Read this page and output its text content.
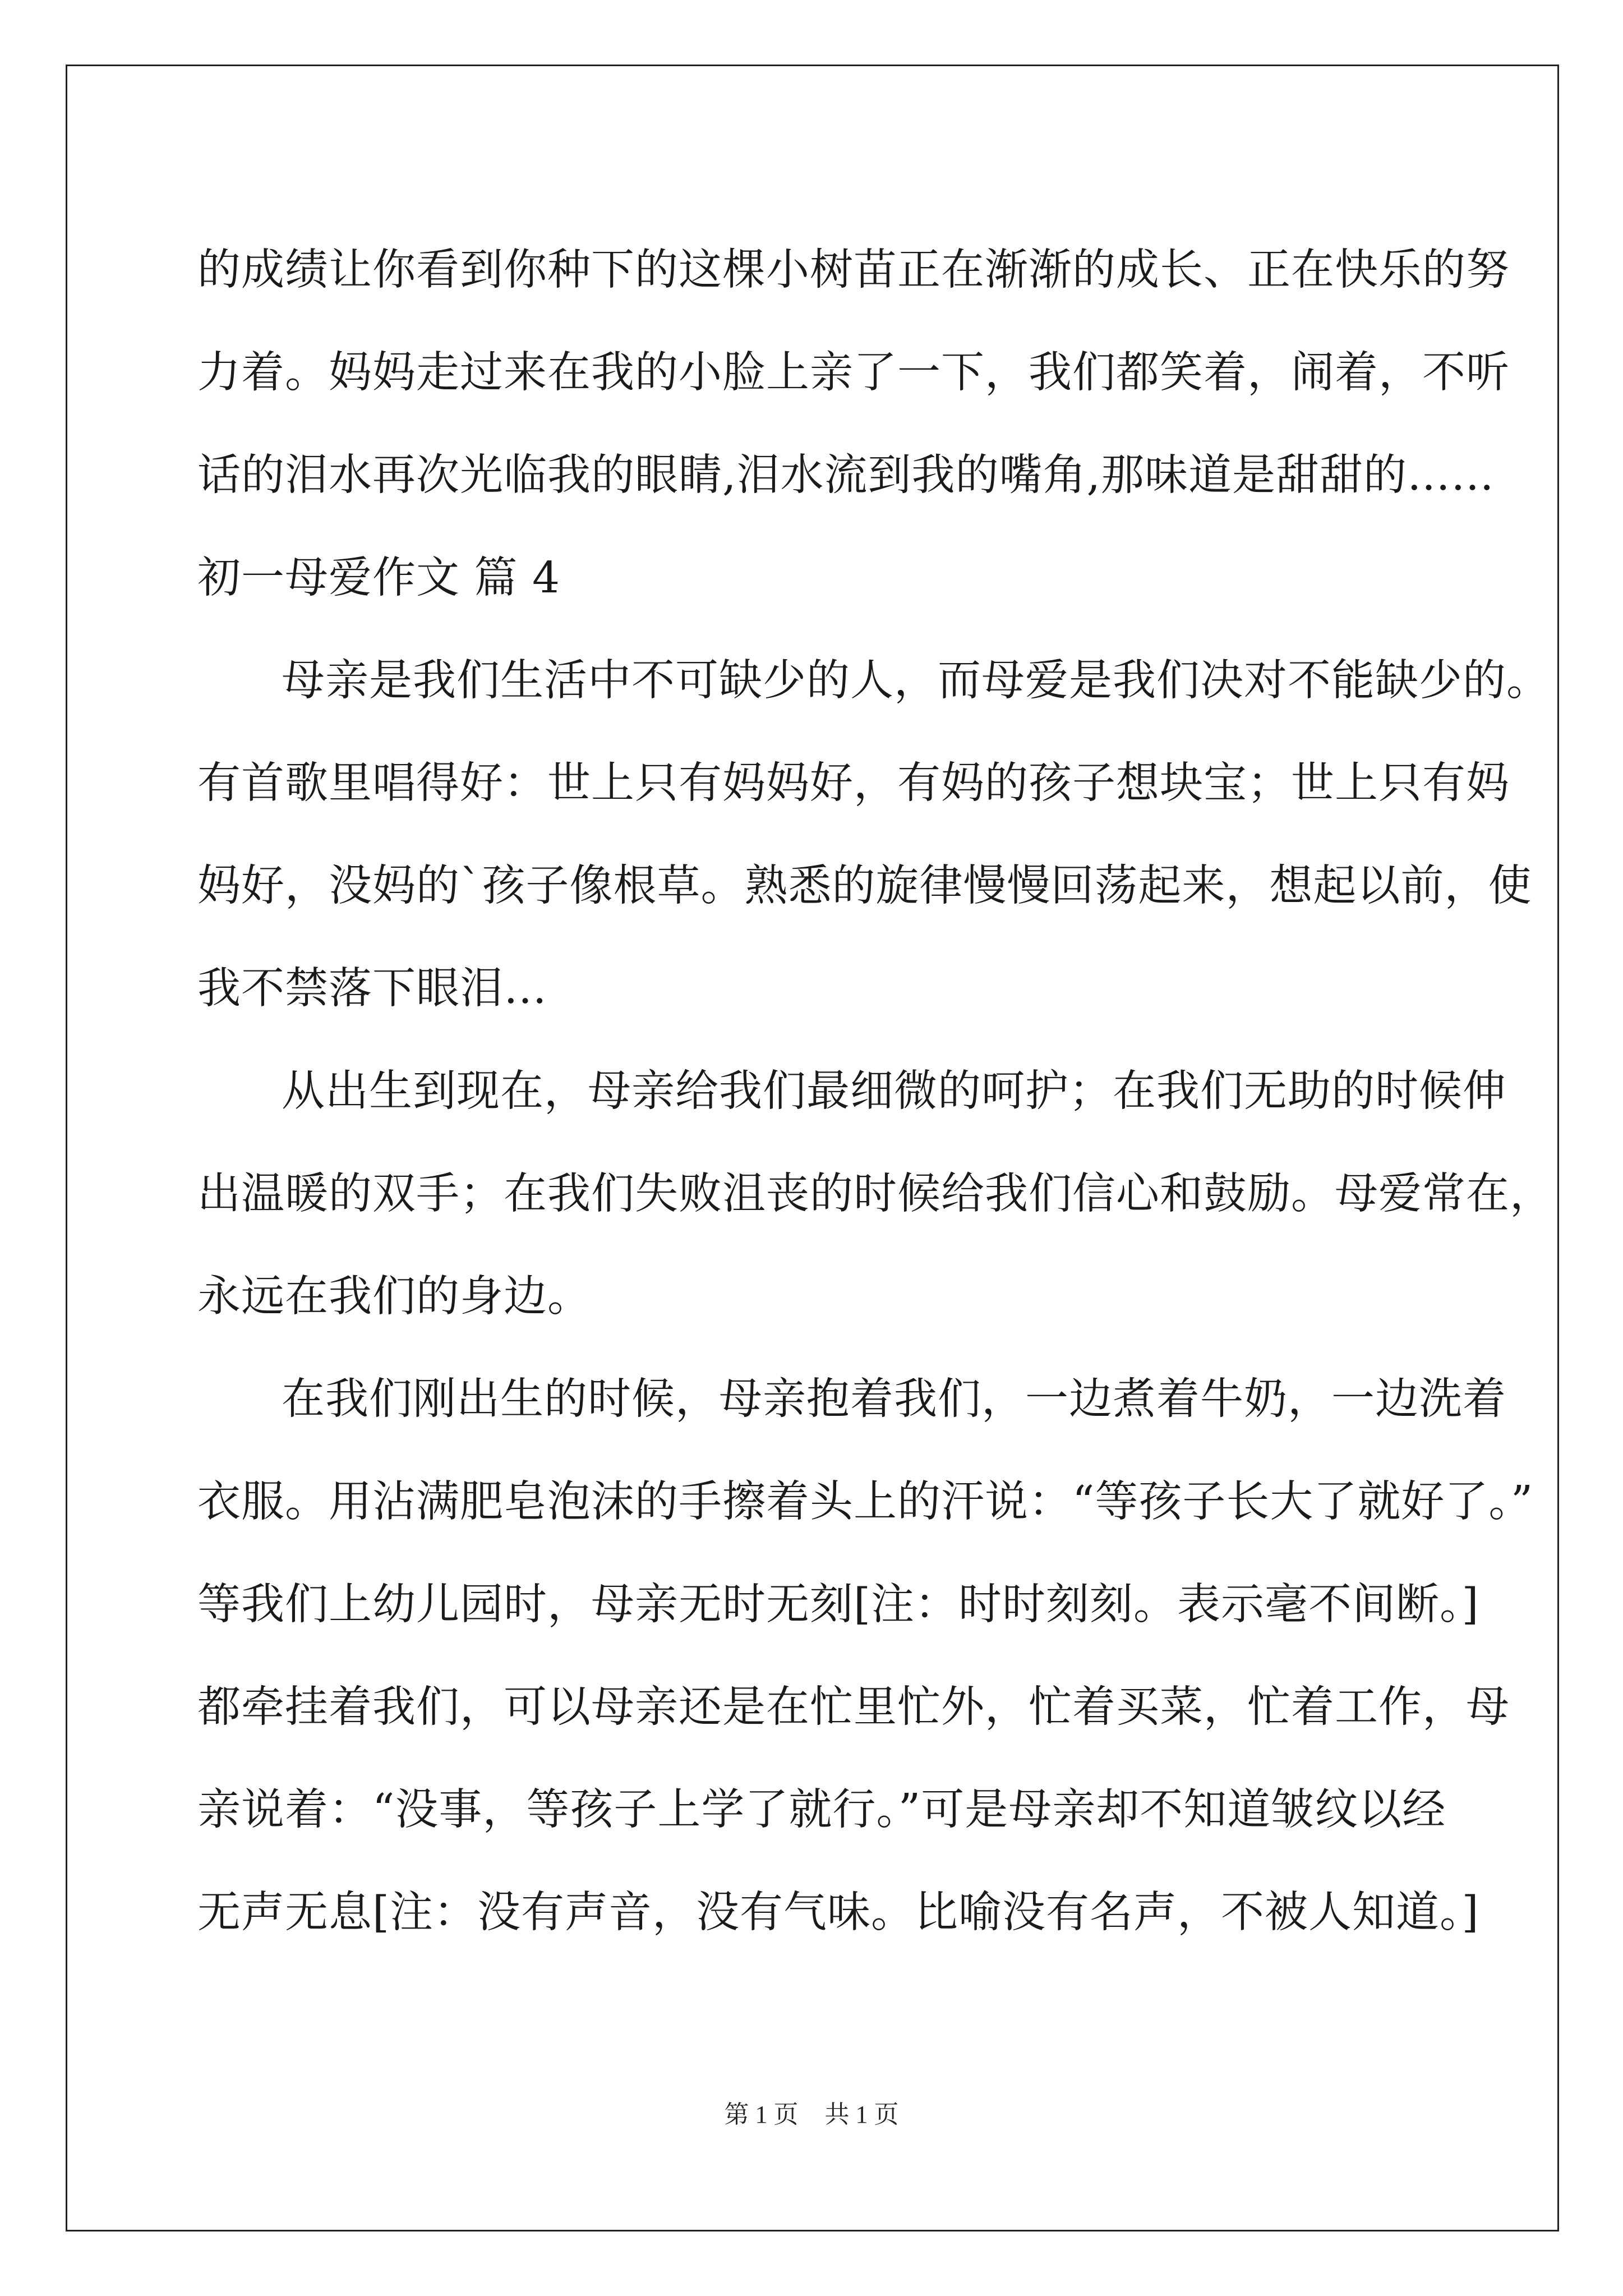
的成绩让你看到你种下的这棵小树苗正在渐渐的成长、正在快乐的努
力着。妈妈走过来在我的小脸上亲了一下，我们都笑着，闹着，不听
话的泪水再次光临我的眼睛,泪水流到我的嘴角,那味道是甜甜的……
初一母爱作文 篇 4
母亲是我们生活中不可缺少的人，而母爱是我们决对不能缺少的。
有首歌里唱得好：世上只有妈妈好，有妈的孩子想块宝；世上只有妈
妈好，没妈的`孩子像根草。熟悉的旋律慢慢回荡起来，想起以前，使
我不禁落下眼泪…
从出生到现在，母亲给我们最细微的呵护；在我们无助的时候伸
出温暖的双手；在我们失败沮丧的时候给我们信心和鼓励。母爱常在，
永远在我们的身边。
在我们刚出生的时候，母亲抱着我们，一边煮着牛奶，一边洗着
衣服。用沾满肥皂泡沫的手擦着头上的汗说：“等孩子长大了就好了。”
等我们上幼儿园时，母亲无时无刻[注：时时刻刻。表示毫不间断。]
都牵挂着我们，可以母亲还是在忙里忙外，忙着买菜，忙着工作，母
亲说着：“没事，等孩子上学了就行。”可是母亲却不知道皱纹以经
无声无息[注：没有声音，没有气味。比喻没有名声，不被人知道。]
第 1 页 共 1 页
